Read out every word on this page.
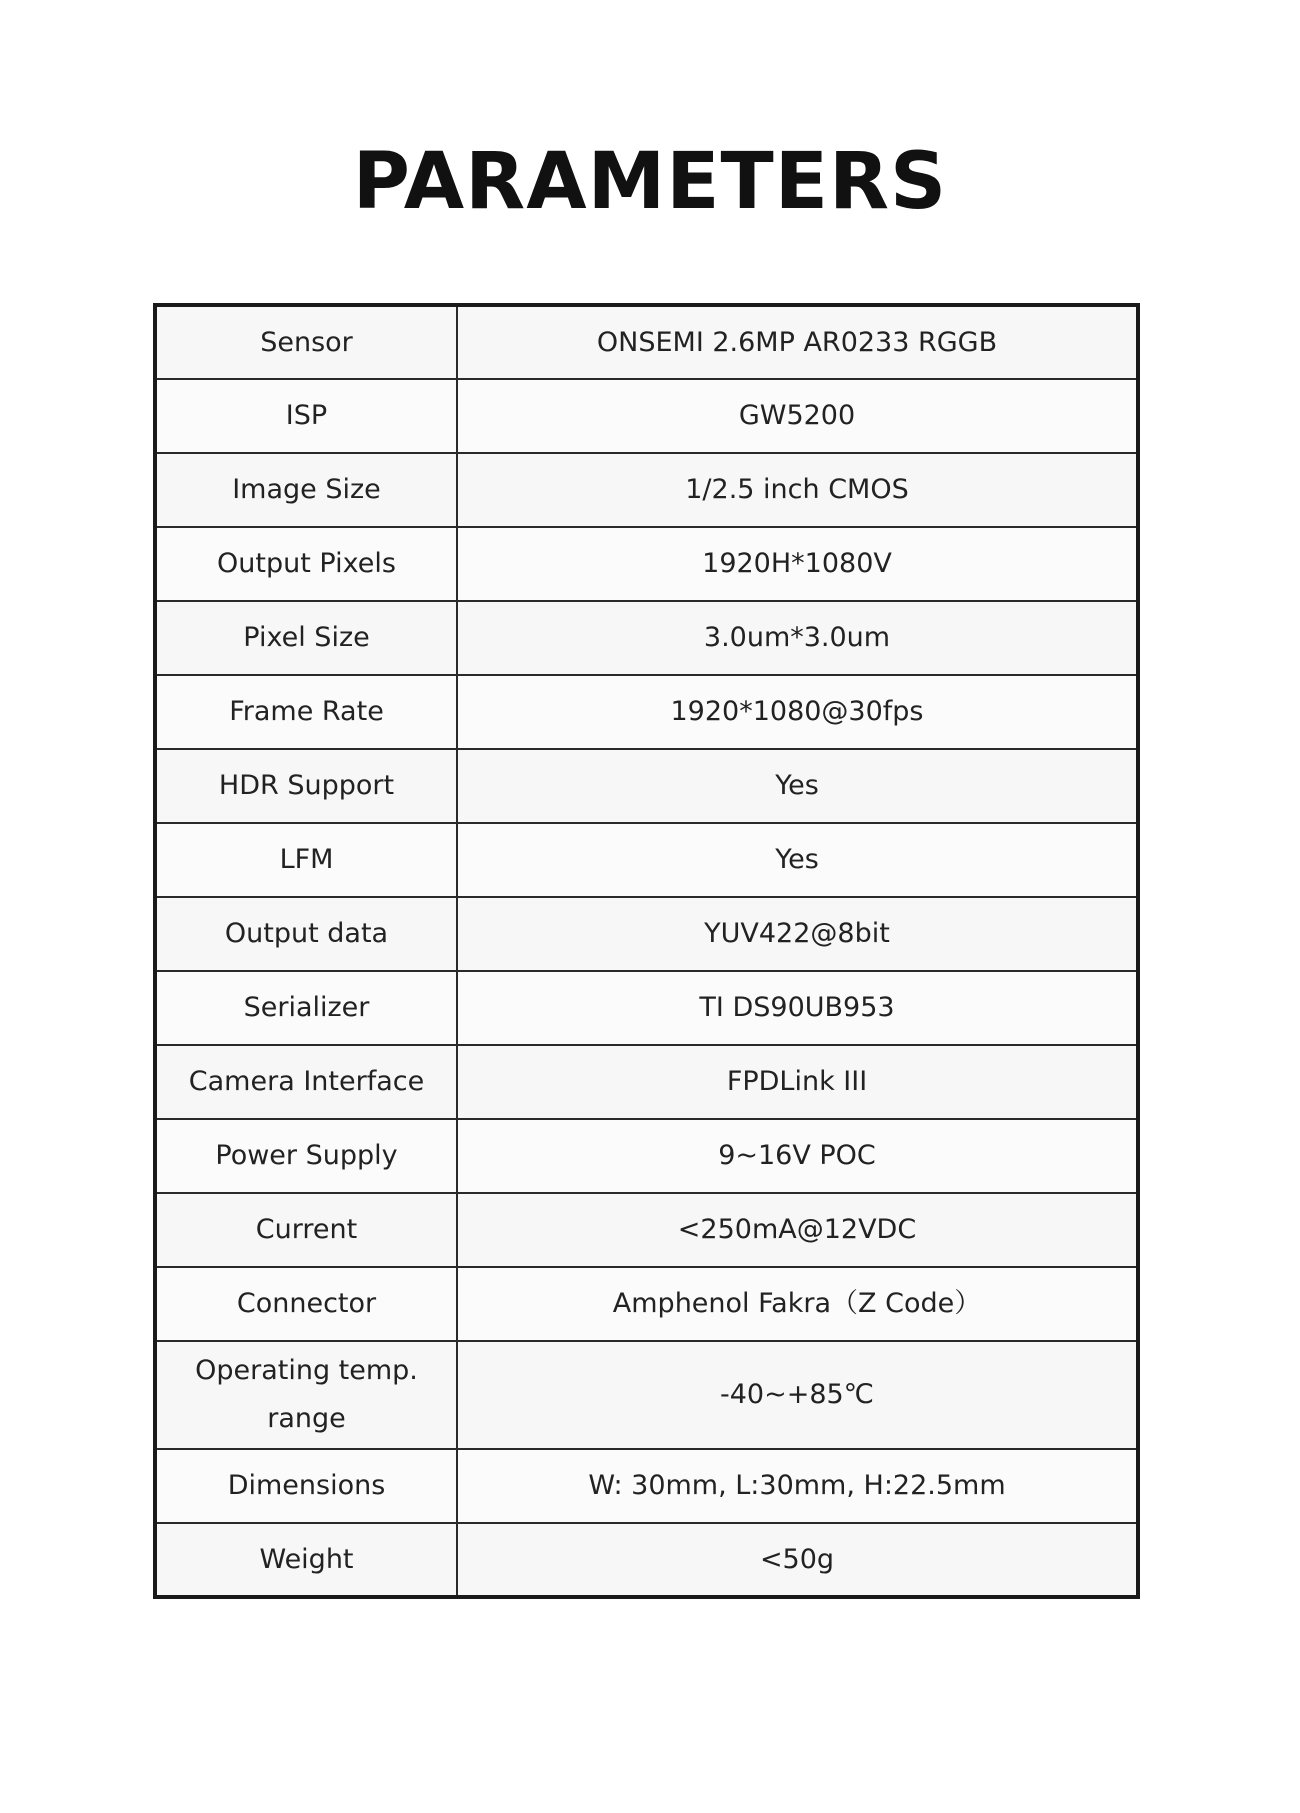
PARAMETERS
Sensor	ONSEMI 2.6MP AR0233 RGGB
ISP	GW5200
Image Size	1/2.5 inch CMOS
Output Pixels	1920H*1080V
Pixel Size	3.0um*3.0um
Frame Rate	1920*1080@30fps
HDR Support	Yes
LFM	Yes
Output data	YUV422@8bit
Serializer	TI DS90UB953
Camera Interface	FPDLink III
Power Supply	9~16V POC
Current	<250mA@12VDC
Connector	Amphenol Fakra（Z Code）
Operating temp. range	-40~+85℃
Dimensions	W: 30mm, L:30mm, H:22.5mm
Weight	<50g
